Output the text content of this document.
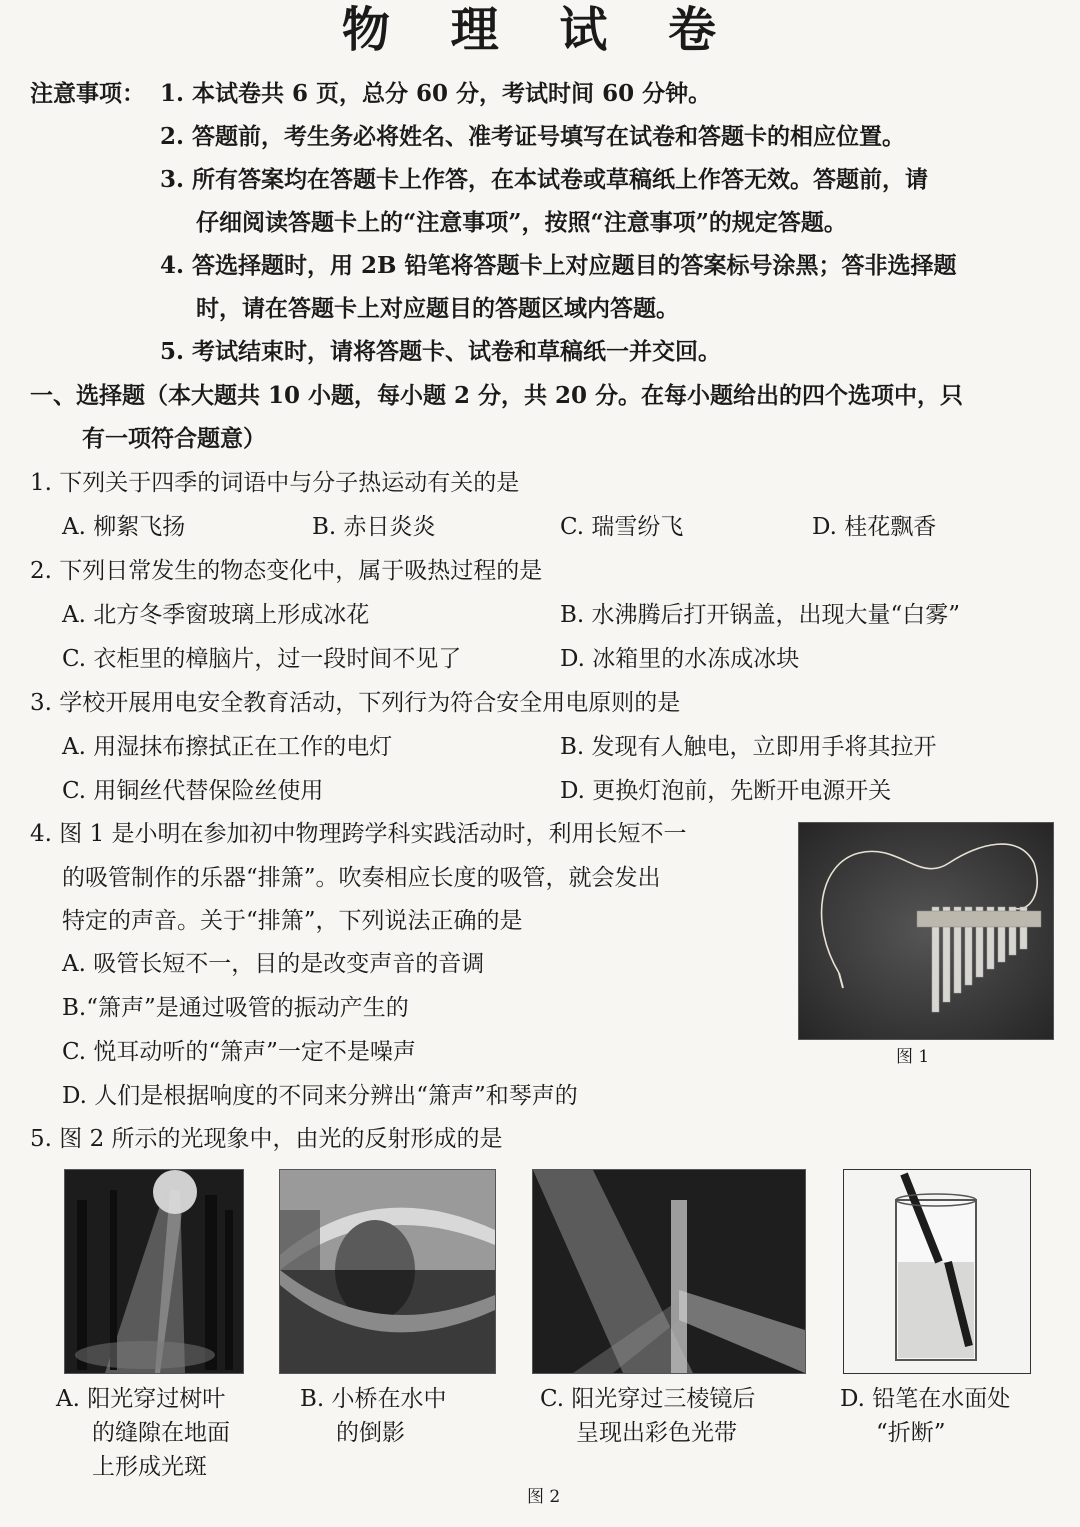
物 理 试 卷
注意事项： 1. 本试卷共 6 页，总分 60 分，考试时间 60 分钟。
2. 答题前，考生务必将姓名、准考证号填写在试卷和答题卡的相应位置。
3. 所有答案均在答题卡上作答，在本试卷或草稿纸上作答无效。答题前，请
仔细阅读答题卡上的“注意事项”，按照“注意事项”的规定答题。
4. 答选择题时，用 2B 铅笔将答题卡上对应题目的答案标号涂黑；答非选择题
时，请在答题卡上对应题目的答题区域内答题。
5. 考试结束时，请将答题卡、试卷和草稿纸一并交回。
一、选择题（本大题共 10 小题，每小题 2 分，共 20 分。在每小题给出的四个选项中，只
有一项符合题意）
1. 下列关于四季的词语中与分子热运动有关的是
A. 柳絮飞扬	B. 赤日炎炎	C. 瑞雪纷飞	D. 桂花飘香
2. 下列日常发生的物态变化中，属于吸热过程的是
A. 北方冬季窗玻璃上形成冰花	B. 水沸腾后打开锅盖，出现大量“白雾”
C. 衣柜里的樟脑片，过一段时间不见了	D. 冰箱里的水冻成冰块
3. 学校开展用电安全教育活动，下列行为符合安全用电原则的是
A. 用湿抹布擦拭正在工作的电灯	B. 发现有人触电，立即用手将其拉开
C. 用铜丝代替保险丝使用	D. 更换灯泡前，先断开电源开关
4. 图 1 是小明在参加初中物理跨学科实践活动时，利用长短不一
的吸管制作的乐器“排箫”。吹奏相应长度的吸管，就会发出
特定的声音。关于“排箫”，下列说法正确的是
A. 吸管长短不一，目的是改变声音的音调
B.“箫声”是通过吸管的振动产生的
C. 悦耳动听的“箫声”一定不是噪声
D. 人们是根据响度的不同来分辨出“箫声”和琴声的
图 1
5. 图 2 所示的光现象中，由光的反射形成的是
A. 阳光穿过树叶
的缝隙在地面
上形成光斑
B. 小桥在水中
的倒影
C. 阳光穿过三棱镜后
呈现出彩色光带
D. 铅笔在水面处
“折断”
图 2
